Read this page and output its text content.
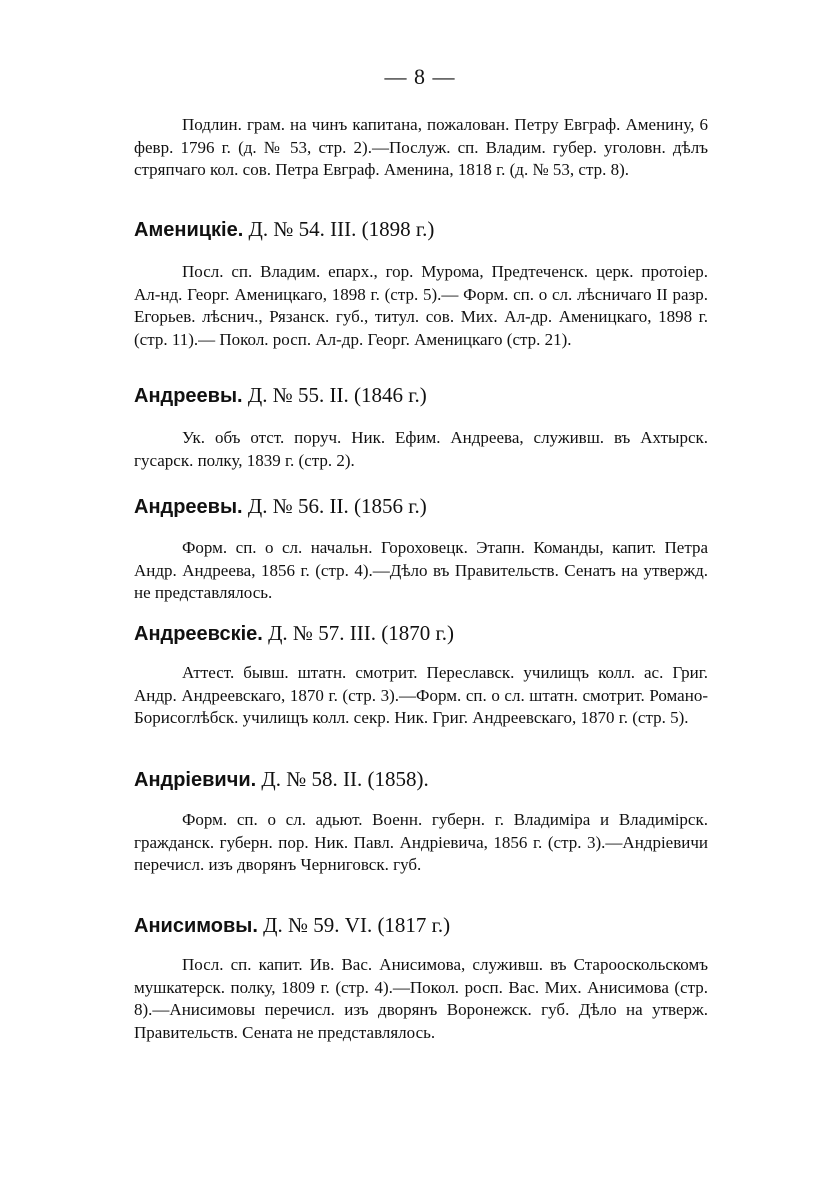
— 8 —

Подлин. грам. на чинъ капитана, пожалован. Петру Евграф. Аменину, 6 февр. 1796 г. (д. № 53, стр. 2).—Послуж. сп. Владим. губер. уголовн. дѣлъ стряпчаго кол. сов. Петра Евграф. Аменина, 1818 г. (д. № 53, стр. 8).

Аменицкіе. Д. № 54. III. (1898 г.)

Посл. сп. Владим. епарх., гор. Мурома, Предтеченск. церк. протоіер. Ал-нд. Георг. Аменицкаго, 1898 г. (стр. 5).— Форм. сп. о сл. лѣсничаго II разр. Егорьев. лѣснич., Рязанск. губ., титул. сов. Мих. Ал-др. Аменицкаго, 1898 г. (стр. 11).— Покол. росп. Ал-др. Георг. Аменицкаго (стр. 21).

Андреевы. Д. № 55. II. (1846 г.)

Ук. объ отст. поруч. Ник. Ефим. Андреева, служивш. въ Ахтырск. гусарск. полку, 1839 г. (стр. 2).

Андреевы. Д. № 56. II. (1856 г.)

Форм. сп. о сл. начальн. Гороховецк. Этапн. Команды, капит. Петра Андр. Андреева, 1856 г. (стр. 4).—Дѣло въ Правительств. Сенатъ на утвержд. не представлялось.

Андреевскіе. Д. № 57. III. (1870 г.)

Аттест. бывш. штатн. смотрит. Переславск. училищъ колл. ас. Григ. Андр. Андреевскаго, 1870 г. (стр. 3).—Форм. сп. о сл. штатн. смотрит. Романо-Борисоглѣбск. училищъ колл. секр. Ник. Григ. Андреевскаго, 1870 г. (стр. 5).

Андріевичи. Д. № 58. II. (1858).

Форм. сп. о сл. адьют. Военн. губерн. г. Владиміра и Владимірск. гражданск. губерн. пор. Ник. Павл. Андріевича, 1856 г. (стр. 3).—Андріевичи перечисл. изъ дворянъ Черниговск. губ.

Анисимовы. Д. № 59. VI. (1817 г.)

Посл. сп. капит. Ив. Вас. Анисимова, служивш. въ Старооскольскомъ мушкатерск. полку, 1809 г. (стр. 4).—Покол. росп. Вас. Мих. Анисимова (стр. 8).—Анисимовы перечисл. изъ дворянъ Воронежск. губ. Дѣло на утверж. Правительств. Сената не представлялось.
